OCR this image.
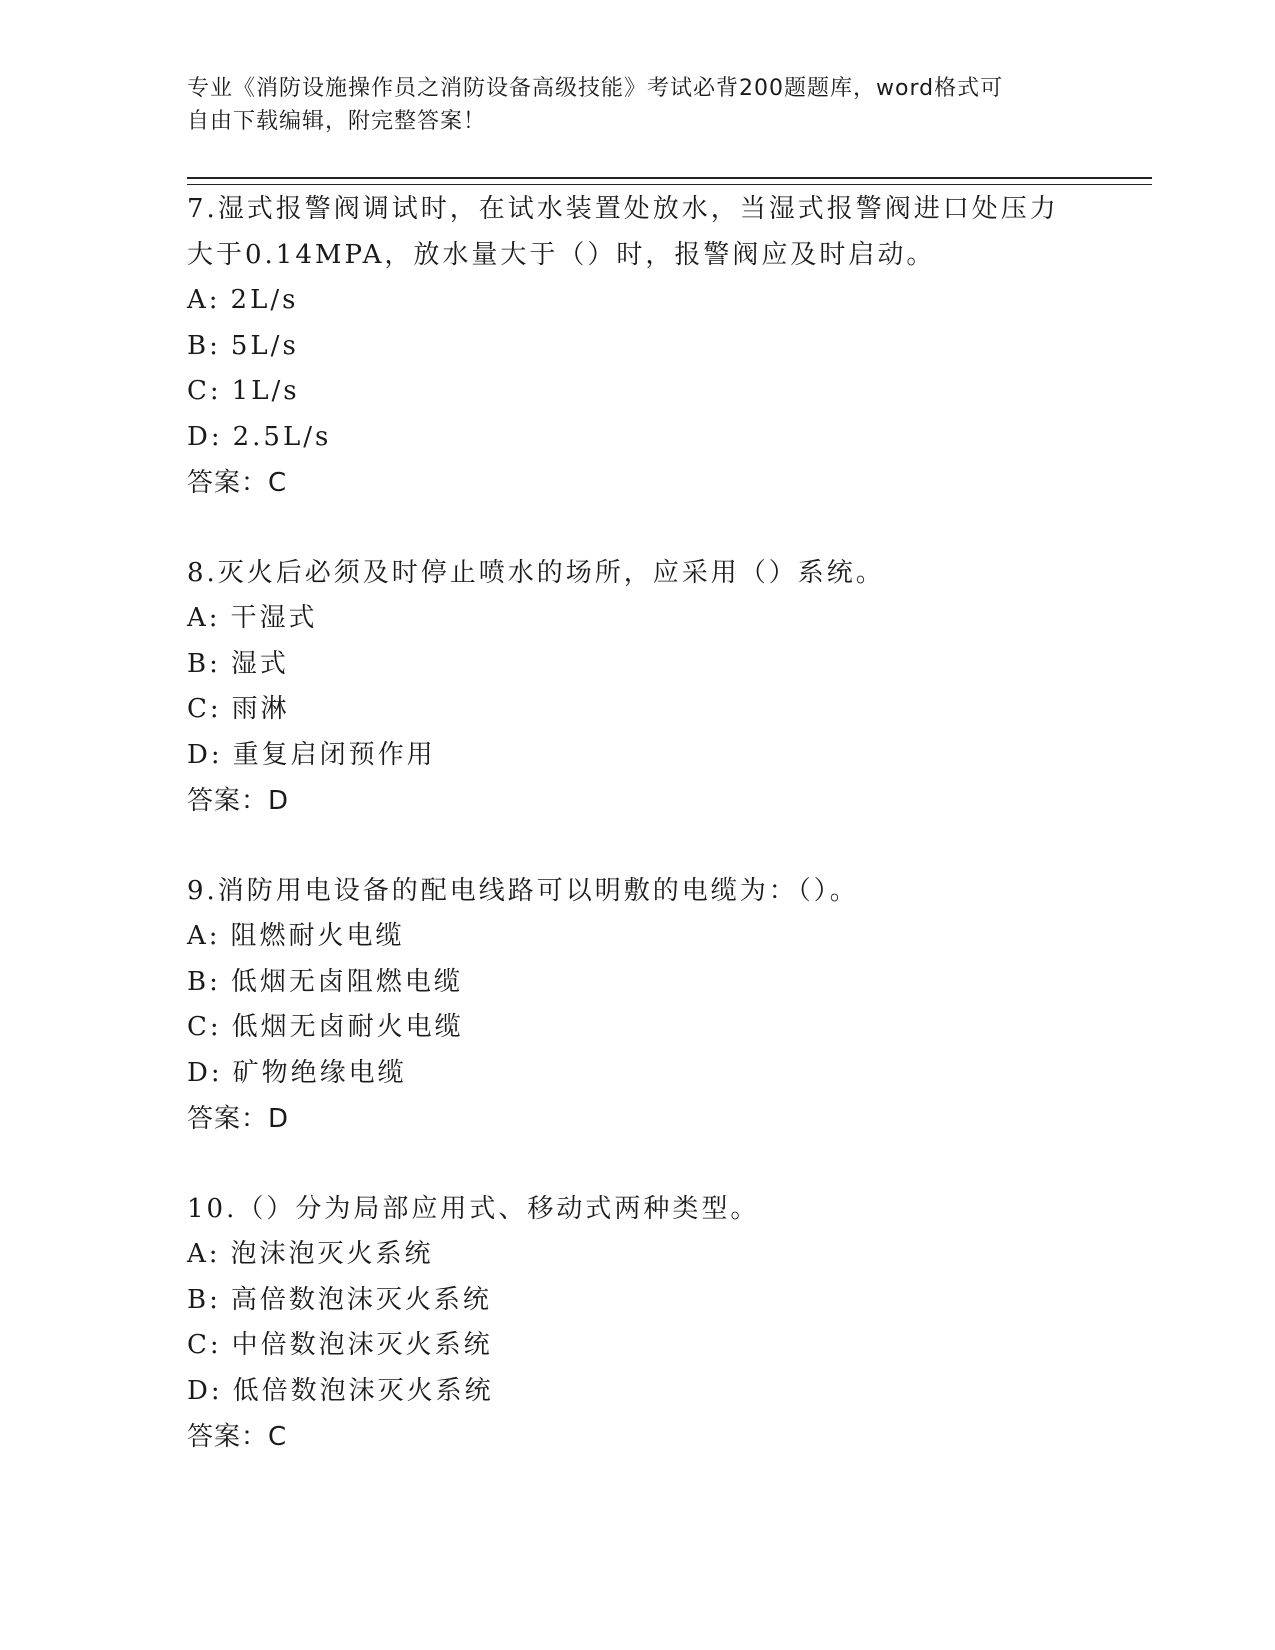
专业《消防设施操作员之消防设备高级技能》考试必背200题题库，word格式可
自由下载编辑，附完整答案！
7.湿式报警阀调试时，在试水装置处放水，当湿式报警阀进口处压力大于0.14MPA，放水量大于（）时，报警阀应及时启动。
A: 2L/s
B: 5L/s
C: 1L/s
D: 2.5L/s
答案：C
8.灭火后必须及时停止喷水的场所，应采用（）系统。
A: 干湿式
B: 湿式
C: 雨淋
D: 重复启闭预作用
答案：D
9.消防用电设备的配电线路可以明敷的电缆为：（）。
A: 阻燃耐火电缆
B: 低烟无卤阻燃电缆
C: 低烟无卤耐火电缆
D: 矿物绝缘电缆
答案：D
10.（）分为局部应用式、移动式两种类型。
A: 泡沫泡灭火系统
B: 高倍数泡沫灭火系统
C: 中倍数泡沫灭火系统
D: 低倍数泡沫灭火系统
答案：C
